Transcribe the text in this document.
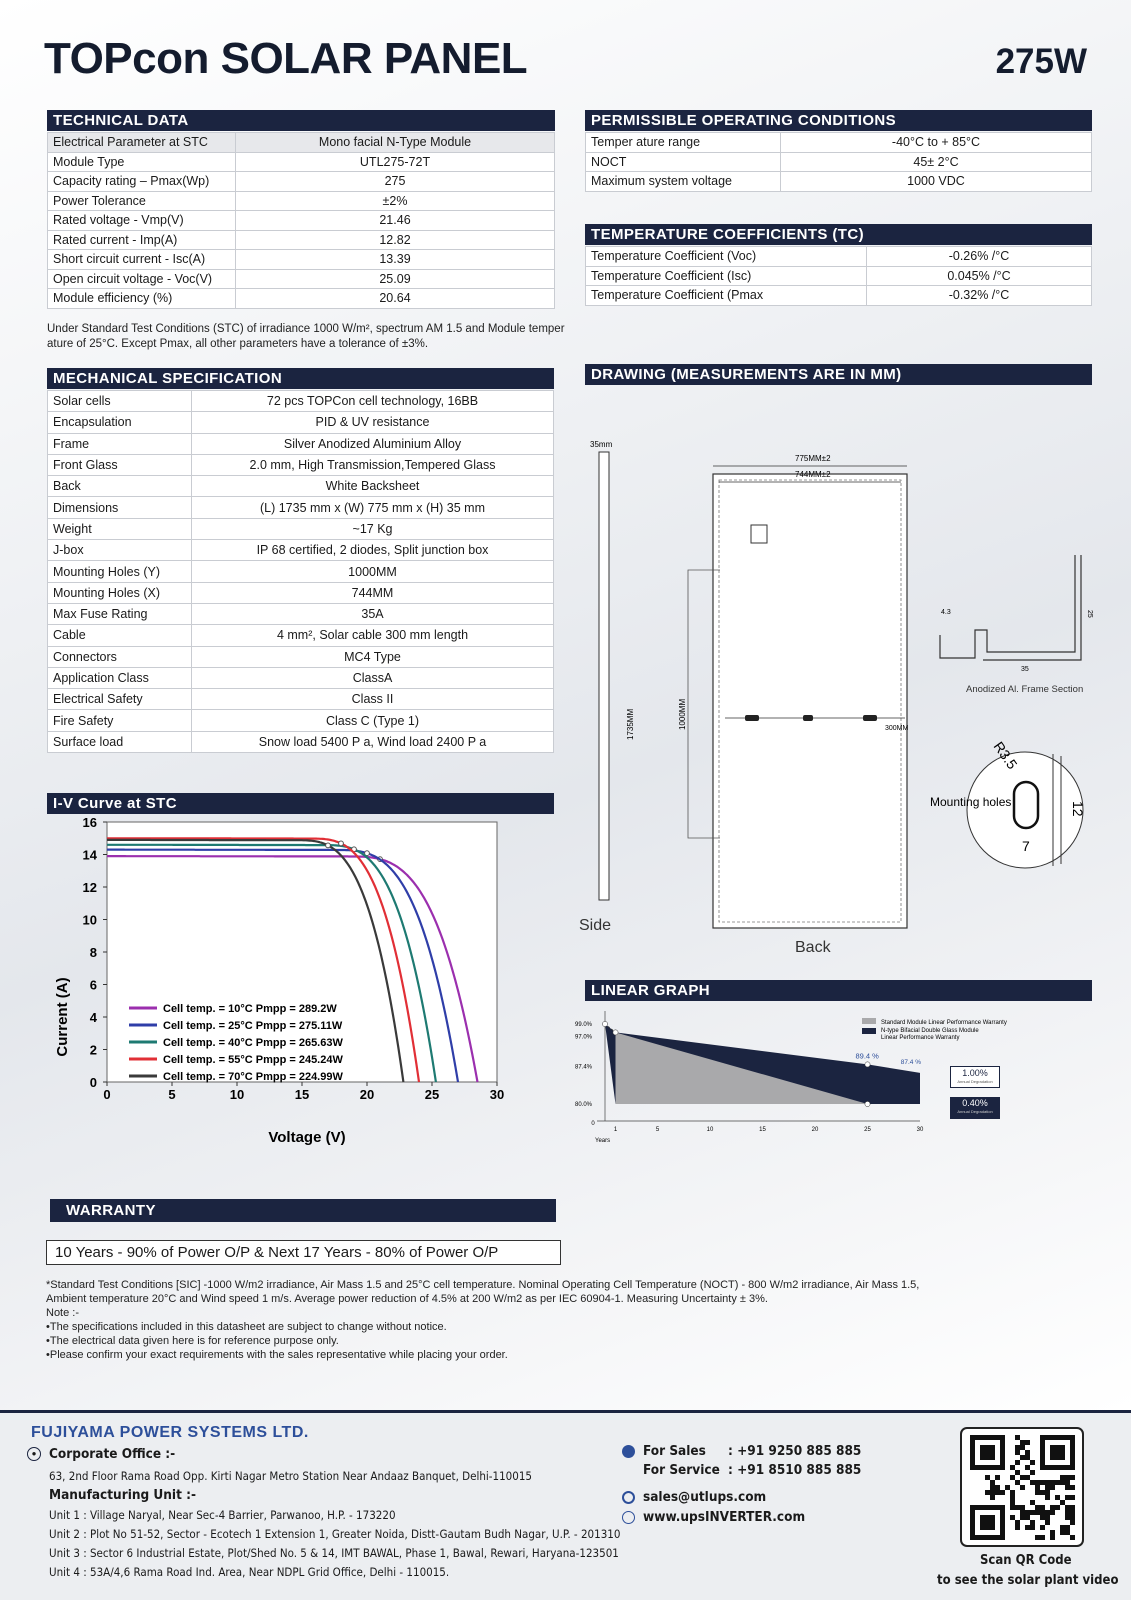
TOPcon SOLAR PANEL	275W
TECHNICAL DATA
Electrical Parameter at STC	Mono facial N-Type Module
Module Type	UTL275-72T
Capacity rating – Pmax(Wp)	275
Power Tolerance	±2%
Rated voltage - Vmp(V)	21.46
Rated current - Imp(A)	12.82
Short circuit current - Isc(A)	13.39
Open circuit voltage - Voc(V)	25.09
Module efficiency (%)	20.64
Under Standard Test Conditions (STC) of irradiance 1000 W/m², spectrum AM 1.5 and Module temper ature of 25°C. Except Pmax, all other parameters have a tolerance of ±3%.
PERMISSIBLE OPERATING CONDITIONS
Temper ature range	-40°C to + 85°C
NOCT	45± 2°C
Maximum system voltage	1000 VDC
TEMPERATURE COEFFICIENTS (TC)
Temperature Coefficient (Voc)	-0.26% /°C
Temperature Coefficient (Isc)	0.045% /°C
Temperature Coefficient (Pmax	-0.32% /°C
MECHANICAL SPECIFICATION
Solar cells	72 pcs TOPCon cell technology, 16BB
Encapsulation	PID & UV resistance
Frame	Silver Anodized Aluminium Alloy
Front Glass	2.0 mm, High Transmission,Tempered Glass
Back	White Backsheet
Dimensions	(L) 1735 mm x (W) 775 mm x (H) 35 mm
Weight	~17 Kg
J-box	IP 68 certified, 2 diodes, Split junction box
Mounting Holes (Y)	1000MM
Mounting Holes (X)	744MM
Max Fuse Rating	35A
Cable	4 mm², Solar cable 300 mm length
Connectors	MC4 Type
Application Class	ClassA
Electrical Safety	Class II
Fire Safety	Class C (Type 1)
Surface load	Snow load 5400 P a, Wind load 2400 P a
DRAWING (MEASUREMENTS ARE IN MM)
35mm
1735MM
Side
775MM±2
744MM±2
1000MM	300MM
Back
25
4.3
35
Anodized Al. Frame Section
R3.5
12
7
Mounting holes
I-V Curve at STC
Current (A)
Voltage (V)
0
2
4
6
8
10
12
14
16
0	5	10	15	20	25	30
Cell temp. = 10°C Pmpp = 289.2W
Cell temp. = 25°C Pmpp = 275.11W
Cell temp. = 40°C Pmpp = 265.63W
Cell temp. = 55°C Pmpp = 245.24W
Cell temp. = 70°C Pmpp = 224.99W
LINEAR GRAPH
Standard Module Linear Performance Warranty
N-type Bifacial Double Glass Module
Linear Performance Warranty
99.0%
97.0%
87.4%
80.0%
0
1	5	10	15	20	25	30
Years
89.4 %
87.4 %
1.00%
Annual Degradation
0.40%
Annual Degradation
WARRANTY
10 Years - 90% of Power O/P & Next 17 Years - 80% of Power O/P
*Standard Test Conditions [SIC] -1000 W/m2 irradiance, Air Mass 1.5 and 25°C cell temperature. Nominal Operating Cell Temperature (NOCT) - 800 W/m2 irradiance, Air Mass 1.5,
Ambient temperature 20°C and Wind speed 1 m/s. Average power reduction of 4.5% at 200 W/m2 as per IEC 60904-1. Measuring Uncertainty ± 3%.
Note :-
•The specifications included in this datasheet are subject to change without notice.
•The electrical data given here is for reference purpose only.
•Please confirm your exact requirements with the sales representative while placing your order.
FUJIYAMA POWER SYSTEMS LTD.
● Corporate Office :-
63, 2nd Floor Rama Road Opp. Kirti Nagar Metro Station Near Andaaz Banquet, Delhi-110015
Manufacturing Unit :-
Unit 1 : Village Naryal, Near Sec-4 Barrier, Parwanoo, H.P. - 173220
Unit 2 : Plot No 51-52, Sector - Ecotech 1 Extension 1, Greater Noida, Distt-Gautam Budh Nagar, U.P. - 201310
Unit 3 : Sector 6 Industrial Estate, Plot/Shed No. 5 & 14, IMT BAWAL, Phase 1, Bawal, Rewari, Haryana-123501
Unit 4 : 53A/4,6 Rama Road Ind. Area, Near NDPL Grid Office, Delhi - 110015.
For Sales : +91 9250 885 885
For Service : +91 8510 885 885
sales@utlups.com
www.upsINVERTER.com
Scan QR Code
to see the solar plant video
